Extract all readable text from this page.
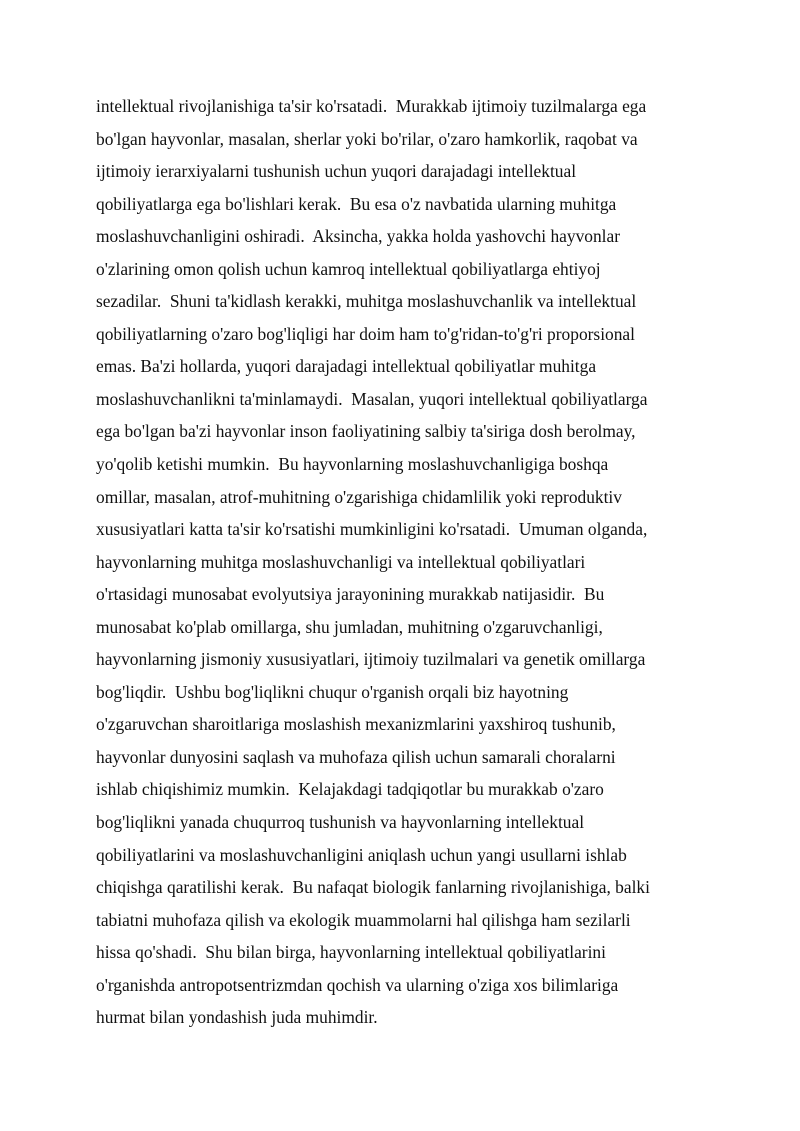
intellektual rivojlanishiga ta'sir ko'rsatadi.  Murakkab ijtimoiy tuzilmalarga ega
bo'lgan hayvonlar, masalan, sherlar yoki bo'rilar, o'zaro hamkorlik, raqobat va
ijtimoiy ierarxiyalarni tushunish uchun yuqori darajadagi intellektual
qobiliyatlarga ega bo'lishlari kerak.  Bu esa o'z navbatida ularning muhitga
moslashuvchanligini oshiradi.  Aksincha, yakka holda yashovchi hayvonlar
o'zlarining omon qolish uchun kamroq intellektual qobiliyatlarga ehtiyoj
sezadilar.  Shuni ta'kidlash kerakki, muhitga moslashuvchanlik va intellektual
qobiliyatlarning o'zaro bog'liqligi har doim ham to'g'ridan-to'g'ri proporsional
emas. Ba'zi hollarda, yuqori darajadagi intellektual qobiliyatlar muhitga
moslashuvchanlikni ta'minlamaydi.  Masalan, yuqori intellektual qobiliyatlarga
ega bo'lgan ba'zi hayvonlar inson faoliyatining salbiy ta'siriga dosh berolmay,
yo'qolib ketishi mumkin.  Bu hayvonlarning moslashuvchanligiga boshqa
omillar, masalan, atrof-muhitning o'zgarishiga chidamlilik yoki reproduktiv
xususiyatlari katta ta'sir ko'rsatishi mumkinligini ko'rsatadi.  Umuman olganda,
hayvonlarning muhitga moslashuvchanligi va intellektual qobiliyatlari
o'rtasidagi munosabat evolyutsiya jarayonining murakkab natijasidir.  Bu
munosabat ko'plab omillarga, shu jumladan, muhitning o'zgaruvchanligi,
hayvonlarning jismoniy xususiyatlari, ijtimoiy tuzilmalari va genetik omillarga
bog'liqdir.  Ushbu bog'liqlikni chuqur o'rganish orqali biz hayotning
o'zgaruvchan sharoitlariga moslashish mexanizmlarini yaxshiroq tushunib,
hayvonlar dunyosini saqlash va muhofaza qilish uchun samarali choralarni
ishlab chiqishimiz mumkin.  Kelajakdagi tadqiqotlar bu murakkab o'zaro
bog'liqlikni yanada chuqurroq tushunish va hayvonlarning intellektual
qobiliyatlarini va moslashuvchanligini aniqlash uchun yangi usullarni ishlab
chiqishga qaratilishi kerak.  Bu nafaqat biologik fanlarning rivojlanishiga, balki
tabiatni muhofaza qilish va ekologik muammolarni hal qilishga ham sezilarli
hissa qo'shadi.  Shu bilan birga, hayvonlarning intellektual qobiliyatlarini
o'rganishda antropotsentrizmdan qochish va ularning o'ziga xos bilimlariga
hurmat bilan yondashish juda muhimdir.
